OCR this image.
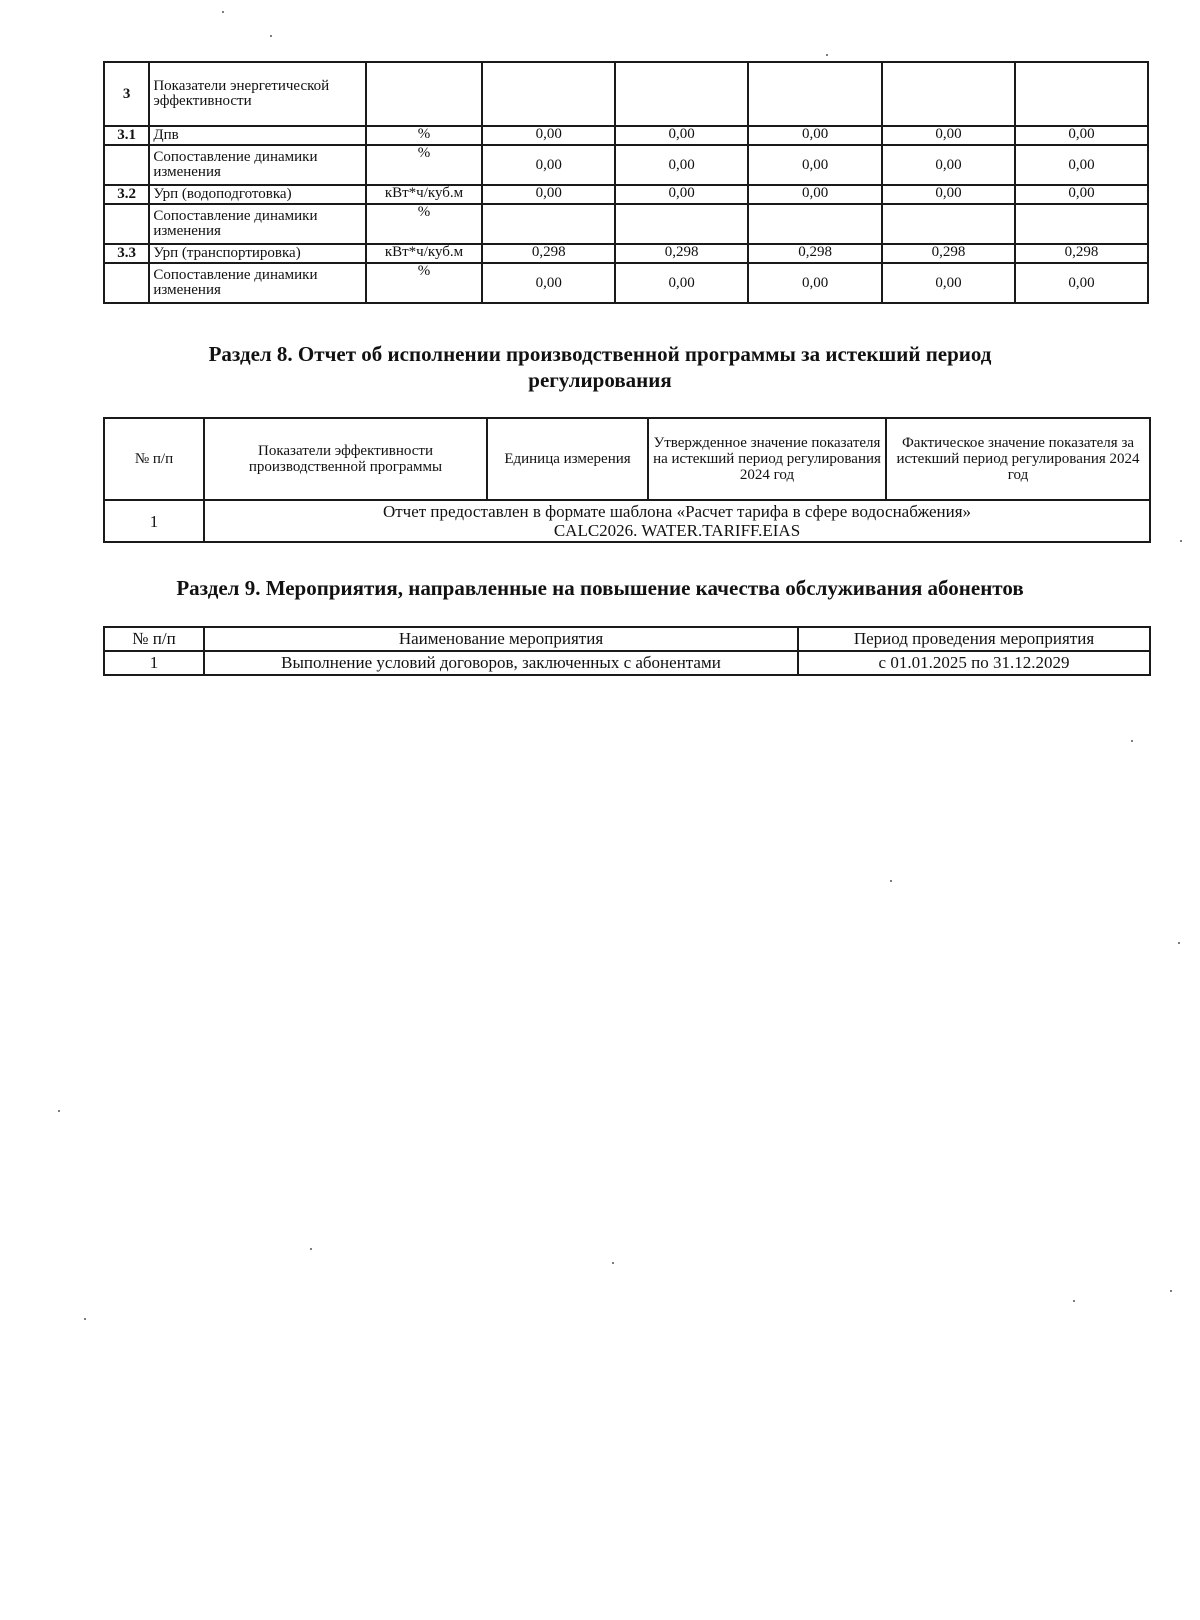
3	Показатели энергетической эффективности						
3.1	Дпв	%	0,00	0,00	0,00	0,00	0,00
	Сопоставление динамики изменения	%	0,00	0,00	0,00	0,00	0,00
3.2	Урп (водоподготовка)	кВт*ч/куб.м	0,00	0,00	0,00	0,00	0,00
	Сопоставление динамики изменения	%					
3.3	Урп (транспортировка)	кВт*ч/куб.м	0,298	0,298	0,298	0,298	0,298
	Сопоставление динамики изменения	%	0,00	0,00	0,00	0,00	0,00
Раздел 8. Отчет об исполнении производственной программы за истекший период
регулирования
№ п/п	Показатели эффективности производственной программы	Единица измерения	Утвержденное значение показателя на истекший период регулирования 2024 год	Фактическое значение показателя за истекший период регулирования 2024 год
1	Отчет предоставлен в формате шаблона «Расчет тарифа в сфере водоснабжения»
CALC2026. WATER.TARIFF.EIAS			
Раздел 9. Мероприятия, направленные на повышение качества обслуживания абонентов
№ п/п	Наименование мероприятия	Период проведения мероприятия
1	Выполнение условий договоров, заключенных с абонентами	с 01.01.2025 по 31.12.2029
